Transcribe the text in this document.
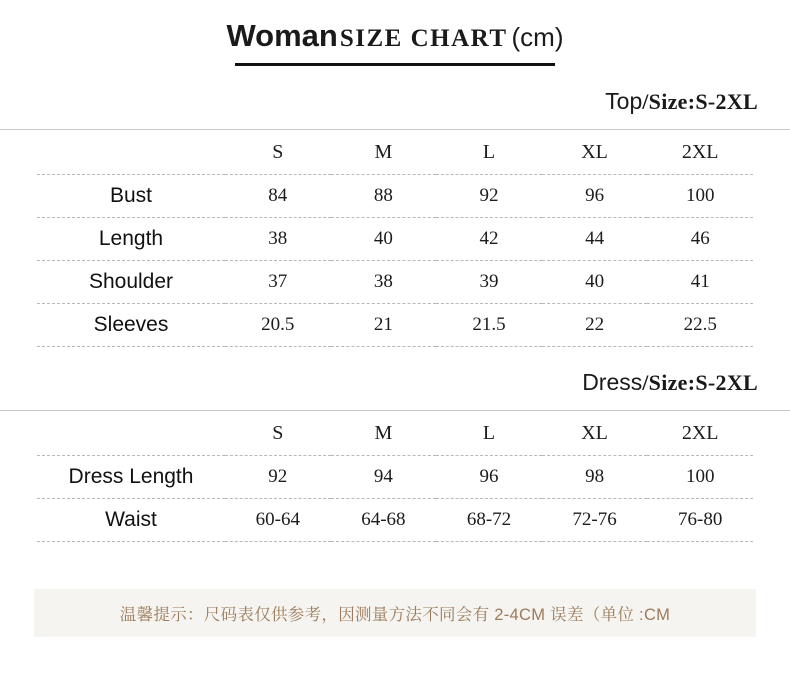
WomanSIZE CHART (cm)
Top/Size:S-2XL
	S	M	L	XL	2XL
Bust	84	88	92	96	100
Length	38	40	42	44	46
Shoulder	37	38	39	40	41
Sleeves	20.5	21	21.5	22	22.5
Dress/Size:S-2XL
	S	M	L	XL	2XL
Dress Length	92	94	96	98	100
Waist	60-64	64-68	68-72	72-76	76-80
温馨提示：尺码表仅供参考，因测量方法不同会有 2-4CM 误差（单位 :CM
